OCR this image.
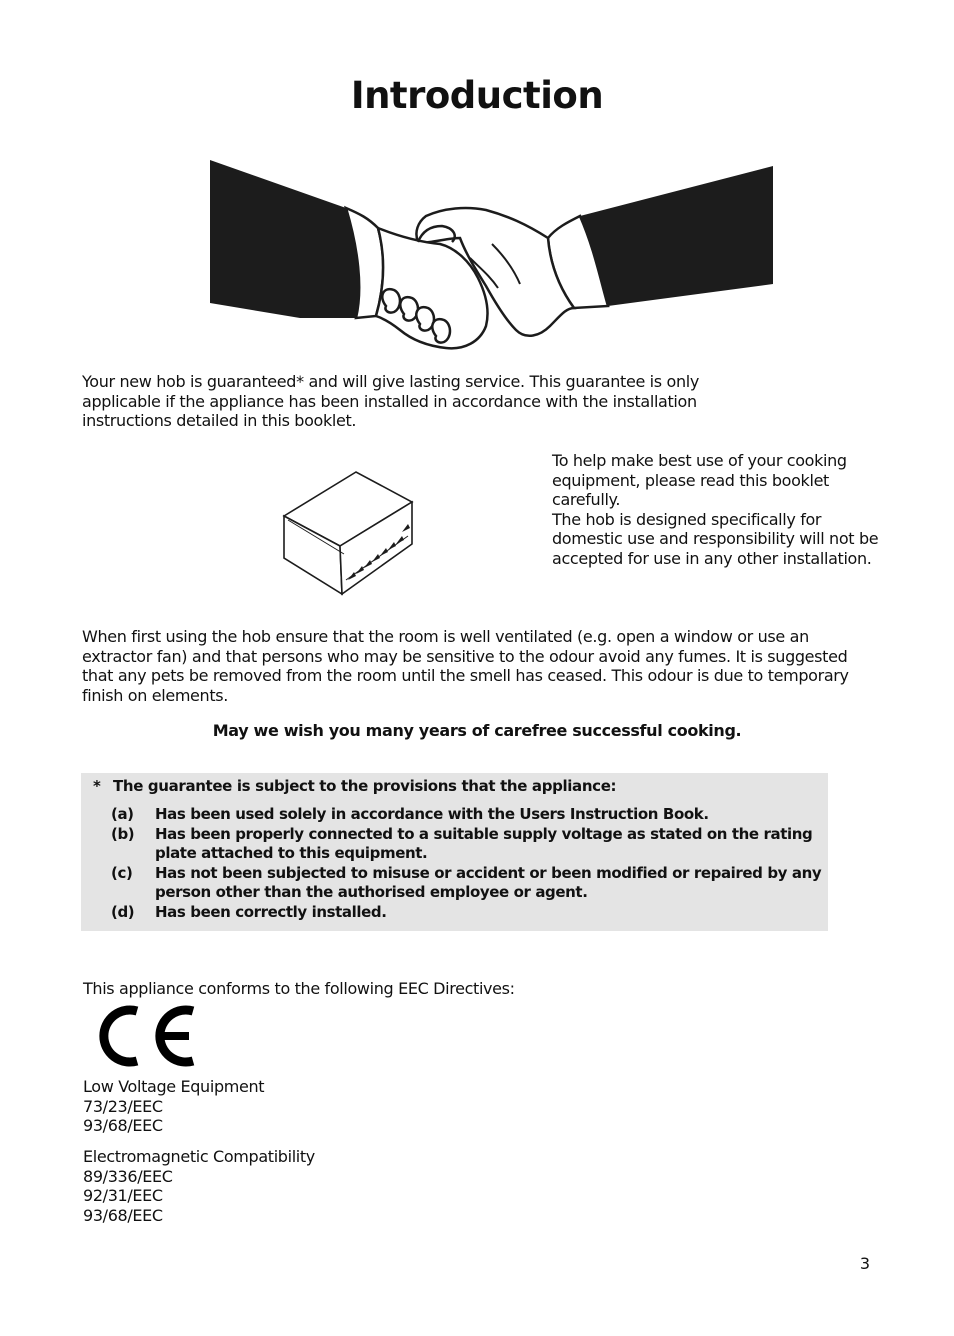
Introduction

Your new hob is guaranteed* and will give lasting service. This guarantee is only applicable if the appliance has been installed in accordance with the installation instructions detailed in this booklet.

To help make best use of your cooking equipment, please read this booklet carefully.
The hob is designed specifically for domestic use and responsibility will not be accepted for use in any other installation.

When first using the hob ensure that the room is well ventilated (e.g. open a window or use an extractor fan) and that persons who may be sensitive to the odour avoid any fumes. It is suggested that any pets be removed from the room until the smell has ceased. This odour is due to temporary finish on elements.

May we wish you many years of carefree successful cooking.

* The guarantee is subject to the provisions that the appliance:
(a) Has been used solely in accordance with the Users Instruction Book.
(b) Has been properly connected to a suitable supply voltage as stated on the rating plate attached to this equipment.
(c) Has not been subjected to misuse or accident or been modified or repaired by any person other than the authorised employee or agent.
(d) Has been correctly installed.

This appliance conforms to the following EEC Directives:

Low Voltage Equipment
73/23/EEC
93/68/EEC
Electromagnetic Compatibility
89/336/EEC
92/31/EEC
93/68/EEC
3
